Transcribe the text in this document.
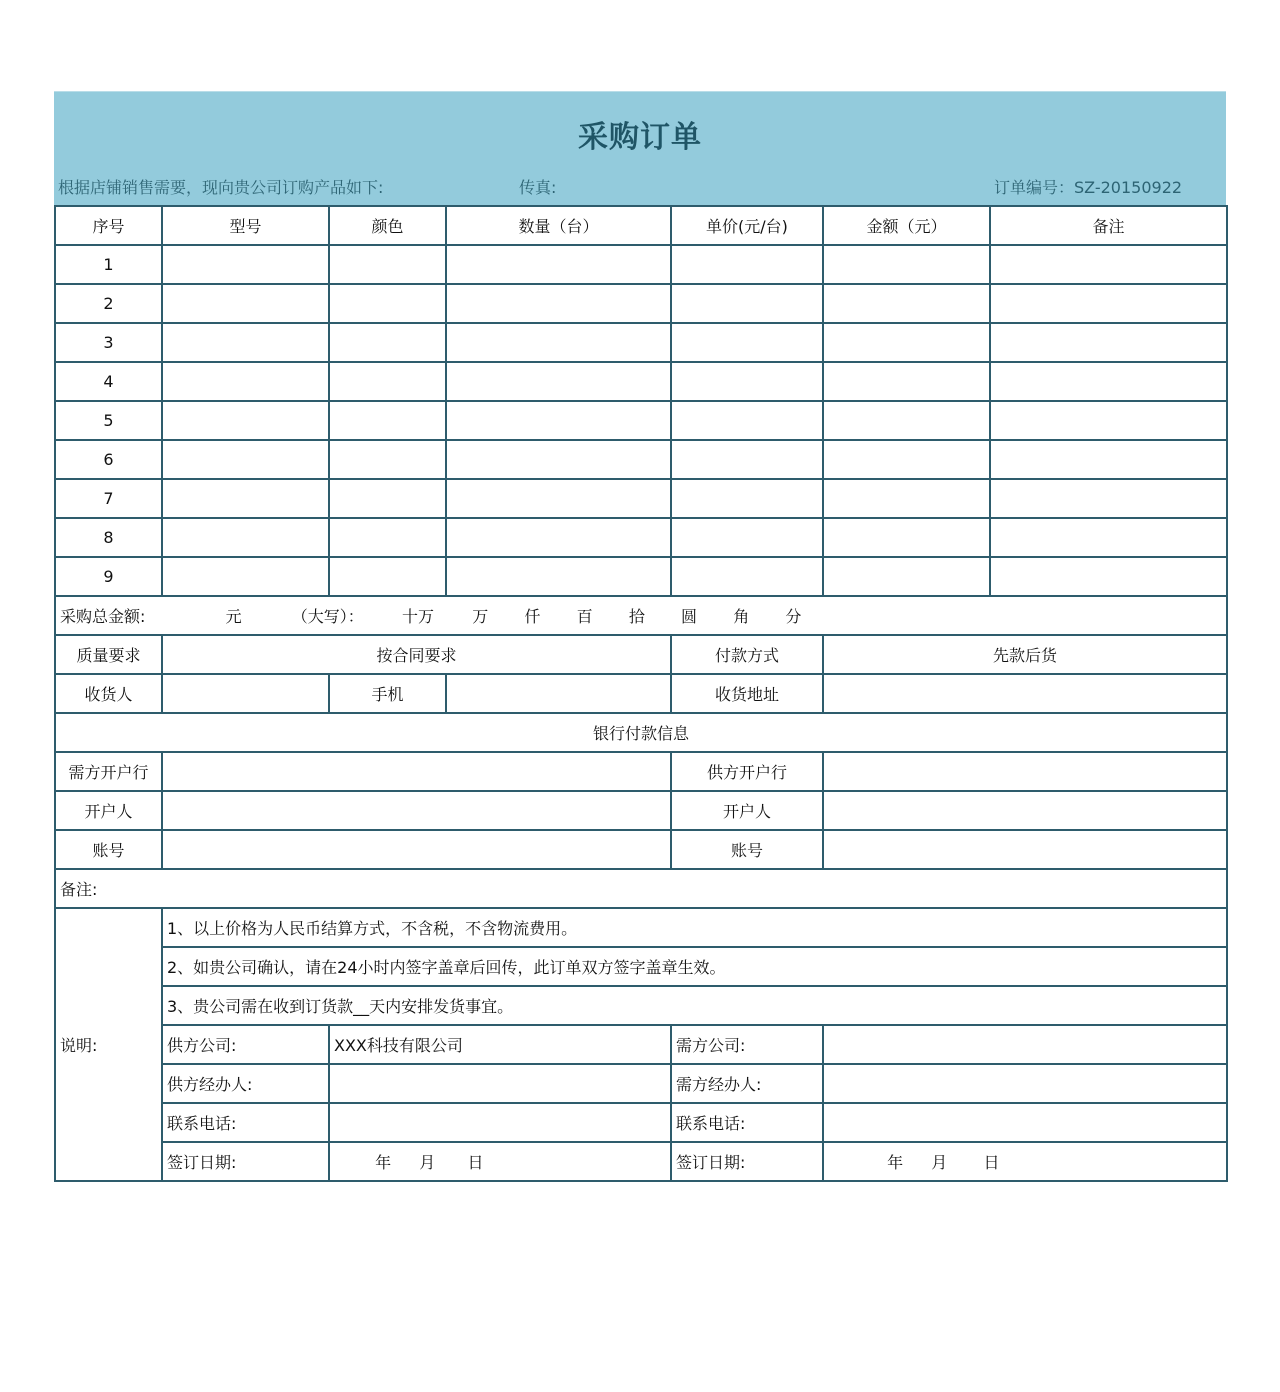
采购订单
根据店铺销售需要，现向贵公司订购产品如下:	传真:	订单编号：SZ-20150922
序号	型号	颜色	数量（台）	单价(元/台)	金额（元）	备注
1						
2						
3						
4						
5						
6						
7						
8						
9						
采购总金额: 元 （大写）： 十万 万 仟 百 拾 圆 角 分						
质量要求	按合同要求			付款方式	先款后货	
收货人		手机		收货地址		
银行付款信息						
需方开户行				供方开户行		
开户人				开户人		
账号				账号		
备注:						
说明:	1、以上价格为人民币结算方式，不含税，不含物流费用。					
	2、如贵公司确认，请在24小时内签字盖章后回传，此订单双方签字盖章生效。					
	3、贵公司需在收到订货款__天内安排发货事宜。					
	供方公司:	XXX科技有限公司		需方公司:		
	供方经办人:			需方经办人:		
	联系电话:			联系电话:		
	签订日期:	年 月 日		签订日期:	年 月 日	
